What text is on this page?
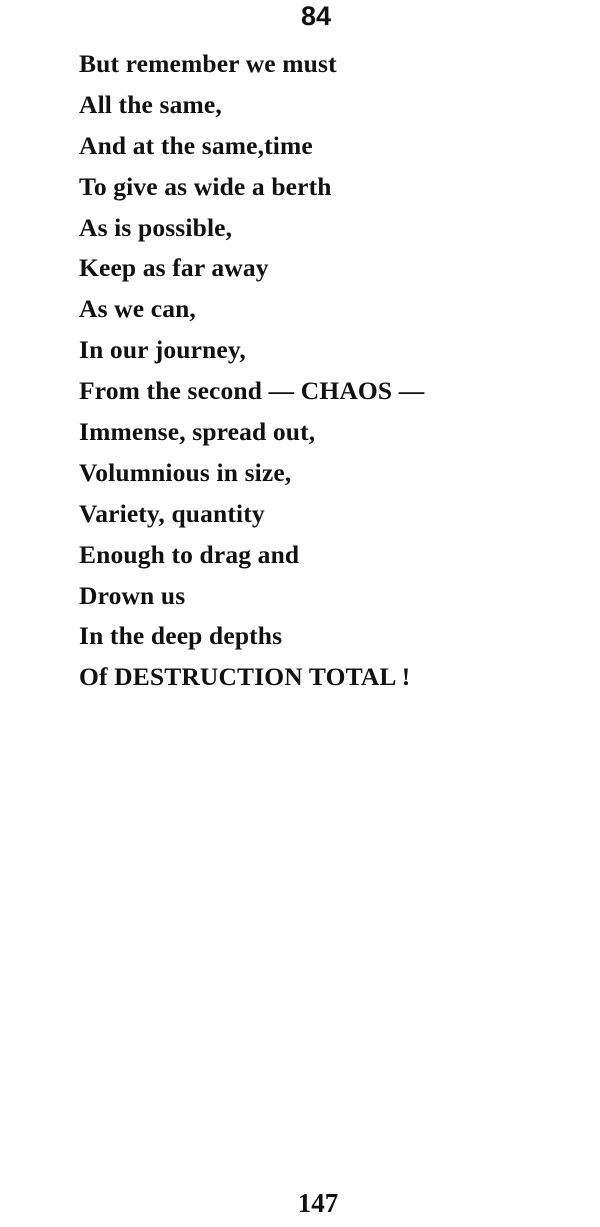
84
But remember we must
All the same,
And at the same,time
To give as wide a berth
As is possible,
Keep as far away
As we can,
In our journey,
From the second — CHAOS —
Immense, spread out,
Volumnious in size,
Variety, quantity
Enough to drag and
Drown us
In the deep depths
Of DESTRUCTION TOTAL !
147
